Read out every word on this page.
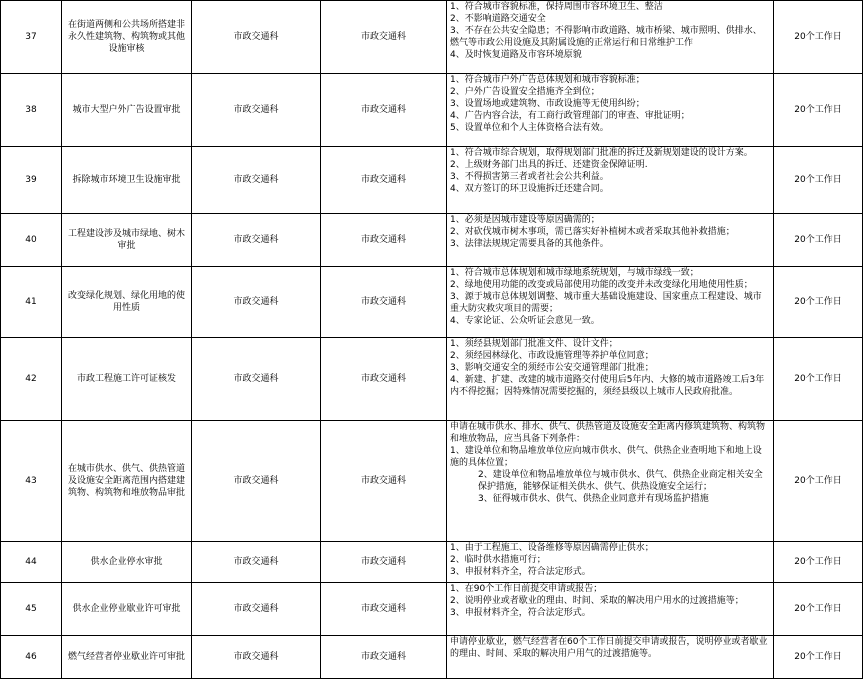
37	在街道两侧和公共场所搭建非永久性建筑物、构筑物或其他设施审核	市政交通科	市政交通科	1、符合城市容貌标准，保持周围市容环境卫生、整洁
2、不影响道路交通安全
3、不存在公共安全隐患；不得影响市政道路、城市桥梁、城市照明、供排水、燃气等市政公用设施及其附属设施的正常运行和日常维护工作
4、及时恢复道路及市容环境原貌	20个工作日
38	城市大型户外广告设置审批	市政交通科	市政交通科	1、符合城市户外广告总体规划和城市容貌标准；
2、户外广告设置安全措施齐全到位；
3、设置场地或建筑物、市政设施等无使用纠纷；
4、广告内容合法，有工商行政管理部门的审查、审批证明；
5、设置单位和个人主体资格合法有效。	20个工作日
39	拆除城市环境卫生设施审批	市政交通科	市政交通科	1、符合城市综合规划，取得规划部门批准的拆迁及新规划建设的设计方案。
2、上级财务部门出具的拆迁、还建资金保障证明.
3、不得损害第三者或者社会公共利益。
4、双方签订的环卫设施拆迁还建合同。	20个工作日
40	工程建设涉及城市绿地、树木审批	市政交通科	市政交通科	1、必须是因城市建设等原因确需的；
2、对砍伐城市树木事项，需已落实好补植树木或者采取其他补救措施；
3、法律法规规定需要具备的其他条件。	20个工作日
41	改变绿化规划、绿化用地的使用性质	市政交通科	市政交通科	1、符合城市总体规划和城市绿地系统规划，与城市绿线一致；
2、绿地使用功能的改变或局部使用功能的改变并未改变绿化用地使用性质；
3、源于城市总体规划调整、城市重大基础设施建设、国家重点工程建设、城市重大防灾救灾项目的需要；
4、专家论证、公众听证会意见一致。	20个工作日
42	市政工程施工许可证核发	市政交通科	市政交通科	1、须经县规划部门批准文件、设计文件；
2、须经园林绿化、市政设施管理等养护单位同意；
3、影响交通安全的须经市公安交通管理部门批准；
4、新建、扩建、改建的城市道路交付使用后5年内、大修的城市道路竣工后3年内不得挖掘；因特殊情况需要挖掘的，须经县级以上城市人民政府批准。	20个工作日
43	在城市供水、供气、供热管道及设施安全距离范围内搭建建筑物、构筑物和堆放物品审批	市政交通科	市政交通科	申请在城市供水、排水、供气、供热管道及设施安全距离内修筑建筑物、构筑物和堆放物品，应当具备下列条件：
1、建设单位和物品堆放单位应向城市供水、供气、供热企业查明地下和地上设施的具体位置；
2、建设单位和物品堆放单位与城市供水、供气、供热企业商定相关安全保护措施，能够保证相关供水、供气、供热设施安全运行；
3、征得城市供水、供气、供热企业同意并有现场监护措施	20个工作日
44	供水企业停水审批	市政交通科	市政交通科	1、由于工程施工、设备维修等原因确需停止供水；
2、临时供水措施可行；
3、申报材料齐全，符合法定形式。	20个工作日
45	供水企业停业歇业许可审批	市政交通科	市政交通科	1、在90个工作日前提交申请或报告；
2、说明停业或者歇业的理由、时间、采取的解决用户用水的过渡措施等；
3、申报材料齐全，符合法定形式。	20个工作日
46	燃气经营者停业歇业许可审批	市政交通科	市政交通科	申请停业歇业，燃气经营者在60个工作日前提交申请或报告，说明停业或者歇业的理由、时间、采取的解决用户用气的过渡措施等。	20个工作日
